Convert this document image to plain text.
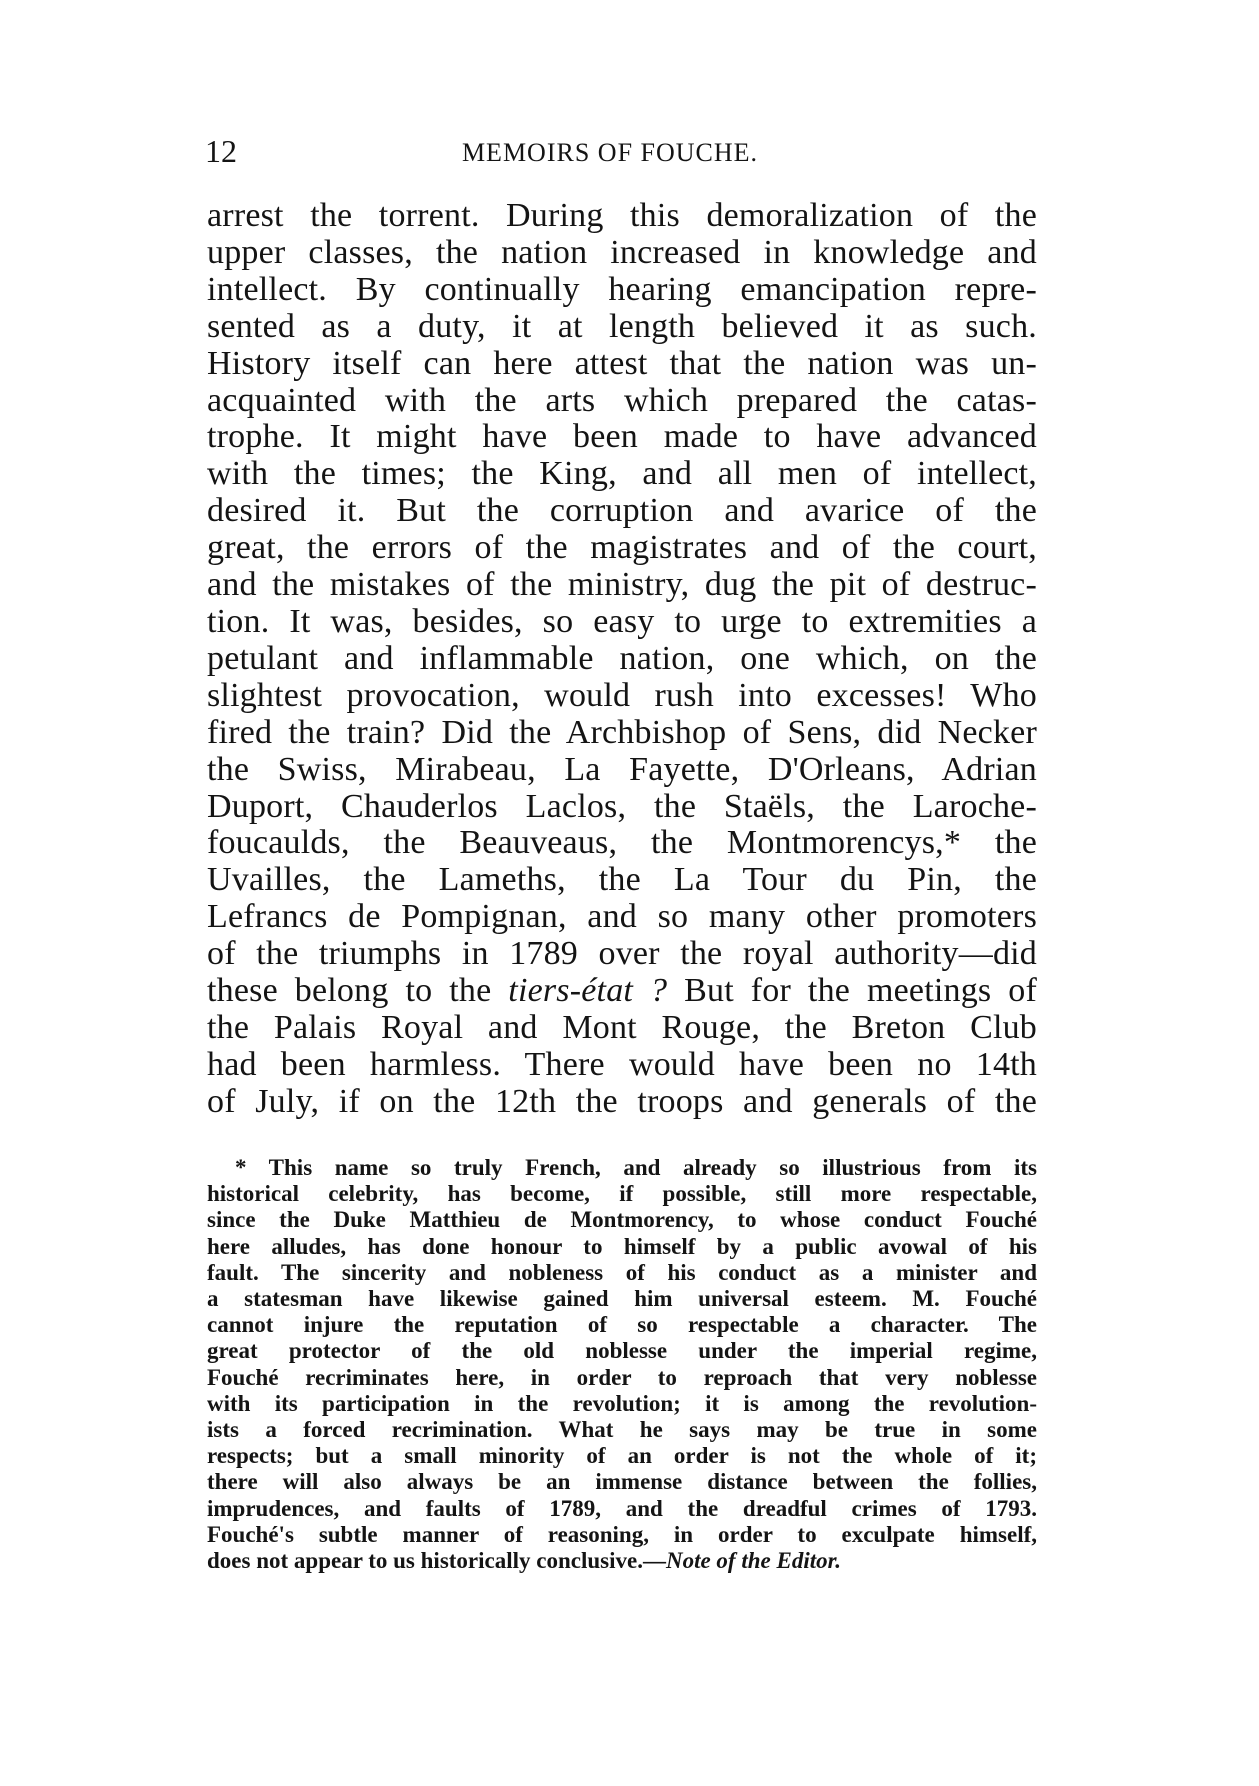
12	MEMOIRS OF FOUCHE.
arrest the torrent. During this demoralization of the
upper classes, the nation increased in knowledge and
intellect. By continually hearing emancipation repre-
sented as a duty, it at length believed it as such.
History itself can here attest that the nation was un-
acquainted with the arts which prepared the catas-
trophe. It might have been made to have advanced
with the times; the King, and all men of intellect,
desired it. But the corruption and avarice of the
great, the errors of the magistrates and of the court,
and the mistakes of the ministry, dug the pit of destruc-
tion. It was, besides, so easy to urge to extremities a
petulant and inflammable nation, one which, on the
slightest provocation, would rush into excesses! Who
fired the train? Did the Archbishop of Sens, did Necker
the Swiss, Mirabeau, La Fayette, D'Orleans, Adrian
Duport, Chauderlos Laclos, the Staëls, the Laroche-
foucaulds, the Beauveaus, the Montmorencys,* the
Uvailles, the Lameths, the La Tour du Pin, the
Lefrancs de Pompignan, and so many other promoters
of the triumphs in 1789 over the royal authority—did
these belong to the tiers-état ? But for the meetings of
the Palais Royal and Mont Rouge, the Breton Club
had been harmless. There would have been no 14th
of July, if on the 12th the troops and generals of the
* This name so truly French, and already so illustrious from its
historical celebrity, has become, if possible, still more respectable,
since the Duke Matthieu de Montmorency, to whose conduct Fouché
here alludes, has done honour to himself by a public avowal of his
fault. The sincerity and nobleness of his conduct as a minister and
a statesman have likewise gained him universal esteem. M. Fouché
cannot injure the reputation of so respectable a character. The
great protector of the old noblesse under the imperial regime,
Fouché recriminates here, in order to reproach that very noblesse
with its participation in the revolution; it is among the revolution-
ists a forced recrimination. What he says may be true in some
respects; but a small minority of an order is not the whole of it;
there will also always be an immense distance between the follies,
imprudences, and faults of 1789, and the dreadful crimes of 1793.
Fouché's subtle manner of reasoning, in order to exculpate himself,
does not appear to us historically conclusive.—Note of the Editor.
